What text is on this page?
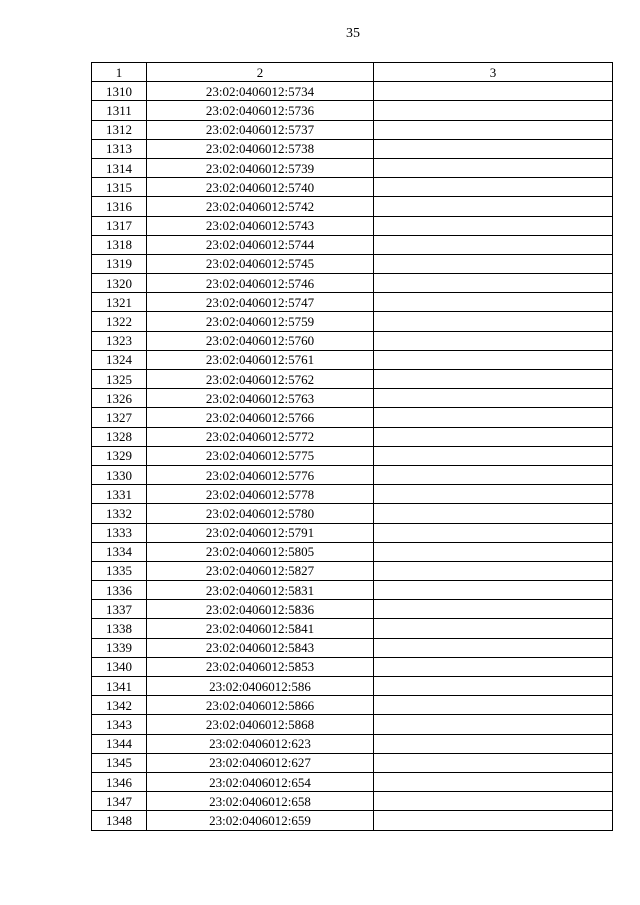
35
1	2	3
1310	23:02:0406012:5734	
1311	23:02:0406012:5736	
1312	23:02:0406012:5737	
1313	23:02:0406012:5738	
1314	23:02:0406012:5739	
1315	23:02:0406012:5740	
1316	23:02:0406012:5742	
1317	23:02:0406012:5743	
1318	23:02:0406012:5744	
1319	23:02:0406012:5745	
1320	23:02:0406012:5746	
1321	23:02:0406012:5747	
1322	23:02:0406012:5759	
1323	23:02:0406012:5760	
1324	23:02:0406012:5761	
1325	23:02:0406012:5762	
1326	23:02:0406012:5763	
1327	23:02:0406012:5766	
1328	23:02:0406012:5772	
1329	23:02:0406012:5775	
1330	23:02:0406012:5776	
1331	23:02:0406012:5778	
1332	23:02:0406012:5780	
1333	23:02:0406012:5791	
1334	23:02:0406012:5805	
1335	23:02:0406012:5827	
1336	23:02:0406012:5831	
1337	23:02:0406012:5836	
1338	23:02:0406012:5841	
1339	23:02:0406012:5843	
1340	23:02:0406012:5853	
1341	23:02:0406012:586	
1342	23:02:0406012:5866	
1343	23:02:0406012:5868	
1344	23:02:0406012:623	
1345	23:02:0406012:627	
1346	23:02:0406012:654	
1347	23:02:0406012:658	
1348	23:02:0406012:659	
